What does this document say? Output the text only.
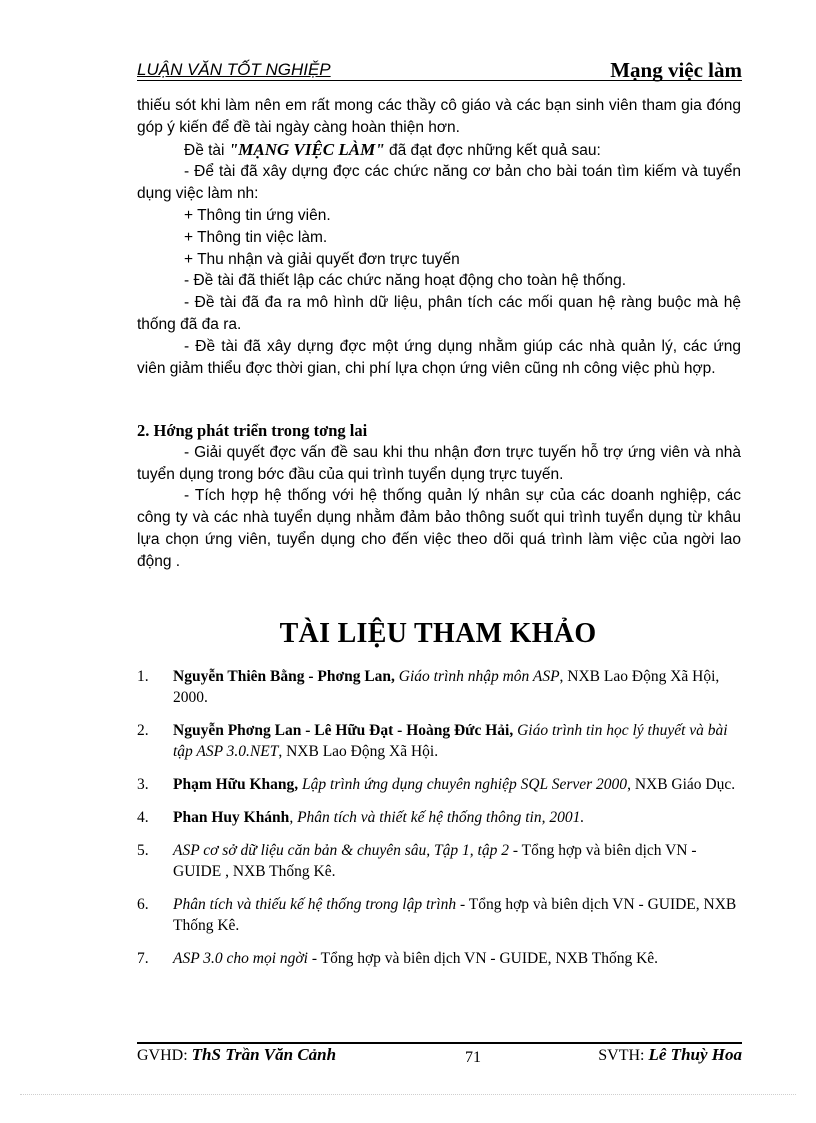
LUẬN VĂN TỐT NGHIỆP	Mạng việc làm

thiếu sót khi làm nên em rất mong các thầy cô giáo và các bạn sinh viên tham gia đóng góp ý kiến để đề tài ngày càng hoàn thiện hơn.

Đề tài "MẠNG VIỆC LÀM" đã đạt đợc những kết quả sau:

- Để tài đã xây dựng đợc các chức năng cơ bản cho bài toán tìm kiếm và tuyển dụng việc làm nh:

+ Thông tin ứng viên.

+ Thông tin việc làm.

+ Thu nhận và giải quyết đơn trực tuyến

- Đề tài đã thiết lập các chức năng hoạt động cho toàn hệ thống.

- Đề tài đã đa ra mô hình dữ liệu, phân tích các mối quan hệ ràng buộc mà hệ thống đã đa ra.

- Đề tài đã xây dựng đợc một ứng dụng nhằm giúp các nhà quản lý, các ứng viên giảm thiểu đợc thời gian, chi phí lựa chọn ứng viên cũng nh công việc phù hợp.

2. Hớng phát triển trong tơng lai

- Giải quyết đợc vấn đề sau khi thu nhận đơn trực tuyến hỗ trợ ứng viên và nhà tuyển dụng trong bớc đầu của qui trình tuyển dụng trực tuyến.

- Tích hợp hệ thống với hệ thống quản lý nhân sự của các doanh nghiệp, các công ty và các nhà tuyển dụng nhằm đảm bảo thông suốt qui trình tuyển dụng từ khâu lựa chọn ứng viên, tuyển dụng cho đến việc theo dõi quá trình làm việc của ngời lao động .

TÀI LIỆU THAM KHẢO
1. Nguyễn Thiên Bằng - Phơng Lan, Giáo trình nhập môn ASP, NXB Lao Động Xã Hội, 2000.
2. Nguyễn Phơng Lan - Lê Hữu Đạt - Hoàng Đức Hải, Giáo trình tin học lý thuyết và bài tập ASP 3.0.NET, NXB Lao Động Xã Hội.
3. Phạm Hữu Khang, Lập trình ứng dụng chuyên nghiệp SQL Server 2000, NXB Giáo Dục.
4. Phan Huy Khánh, Phân tích và thiết kế hệ thống thông tin, 2001.
5. ASP cơ sở dữ liệu căn bản & chuyên sâu, Tập 1, tập 2 - Tổng hợp và biên dịch VN - GUIDE , NXB Thống Kê.
6. Phân tích và thiếu kế hệ thống trong lập trình - Tổng hợp và biên dịch VN - GUIDE, NXB Thống Kê.
7. ASP 3.0 cho mọi ngời - Tổng hợp và biên dịch VN - GUIDE, NXB Thống Kê.
GVHD: ThS Trần Văn Cảnh	71	SVTH: Lê Thuỳ Hoa
